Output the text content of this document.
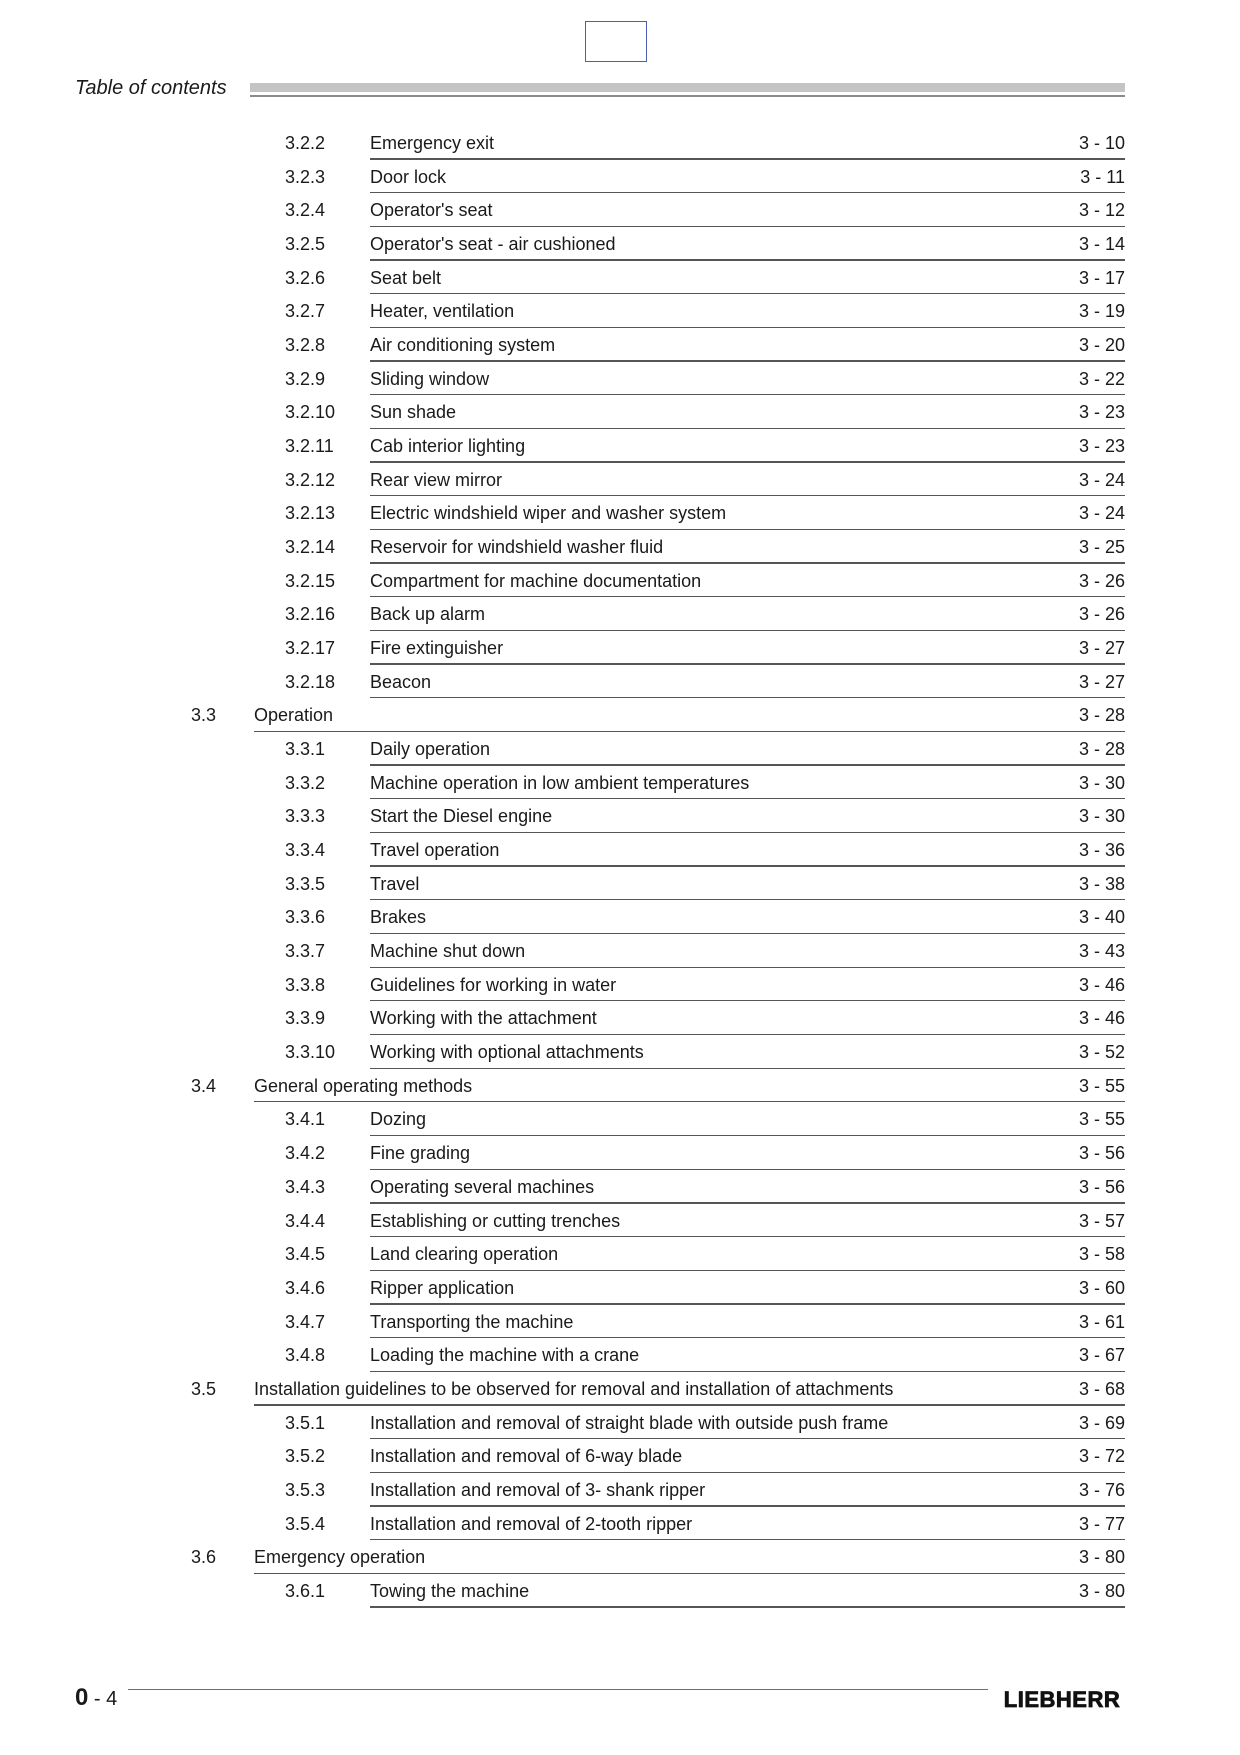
Table of contents
3.2.2 Emergency exit	3 - 10
3.2.3 Door lock	3 - 11
3.2.4 Operator's seat	3 - 12
3.2.5 Operator's seat - air cushioned	3 - 14
3.2.6 Seat belt	3 - 17
3.2.7 Heater, ventilation	3 - 19
3.2.8 Air conditioning system	3 - 20
3.2.9 Sliding window	3 - 22
3.2.10 Sun shade	3 - 23
3.2.11 Cab interior lighting	3 - 23
3.2.12 Rear view mirror	3 - 24
3.2.13 Electric windshield wiper and washer system	3 - 24
3.2.14 Reservoir for windshield washer fluid	3 - 25
3.2.15 Compartment for machine documentation	3 - 26
3.2.16 Back up alarm	3 - 26
3.2.17 Fire extinguisher	3 - 27
3.2.18 Beacon	3 - 27
3.3 Operation	3 - 28
3.3.1 Daily operation	3 - 28
3.3.2 Machine operation in low ambient temperatures	3 - 30
3.3.3 Start the Diesel engine	3 - 30
3.3.4 Travel operation	3 - 36
3.3.5 Travel	3 - 38
3.3.6 Brakes	3 - 40
3.3.7 Machine shut down	3 - 43
3.3.8 Guidelines for working in water	3 - 46
3.3.9 Working with the attachment	3 - 46
3.3.10 Working with optional attachments	3 - 52
3.4 General operating methods	3 - 55
3.4.1 Dozing	3 - 55
3.4.2 Fine grading	3 - 56
3.4.3 Operating several machines	3 - 56
3.4.4 Establishing or cutting trenches	3 - 57
3.4.5 Land clearing operation	3 - 58
3.4.6 Ripper application	3 - 60
3.4.7 Transporting the machine	3 - 61
3.4.8 Loading the machine with a crane	3 - 67
3.5 Installation guidelines to be observed for removal and installation of attachments	3 - 68
3.5.1 Installation and removal of straight blade with outside push frame	3 - 69
3.5.2 Installation and removal of 6-way blade	3 - 72
3.5.3 Installation and removal of 3- shank ripper	3 - 76
3.5.4 Installation and removal of 2-tooth ripper	3 - 77
3.6 Emergency operation	3 - 80
3.6.1 Towing the machine	3 - 80
0 - 4	LIEBHERR
